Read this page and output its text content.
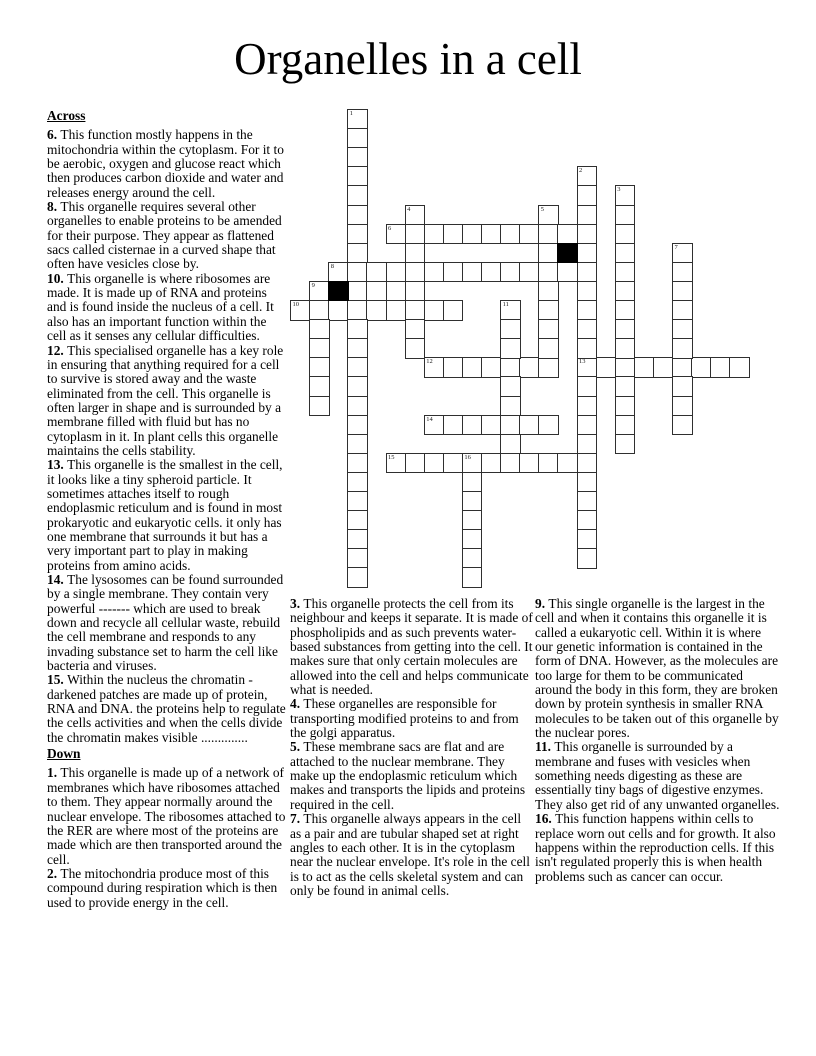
Organelles in a cell
6
8
10
12	13
14
15	16
1
2
3
4	5
7
9
11

Across

6. This function mostly happens in the mitochondria within the cytoplasm. For it to be aerobic, oxygen and glucose react which then produces carbon dioxide and water and releases energy around the cell.

8. This organelle requires several other organelles to enable proteins to be amended for their purpose. They appear as flattened sacs called cisternae in a curved shape that often have vesicles close by.

10. This organelle is where ribosomes are made. It is made up of RNA and proteins and is found inside the nucleus of a cell. It also has an important function within the cell as it senses any cellular difficulties.

12. This specialised organelle has a key role in ensuring that anything required for a cell to survive is stored away and the waste eliminated from the cell. This organelle is often larger in shape and is surrounded by a membrane filled with fluid but has no cytoplasm in it. In plant cells this organelle maintains the cells stability.

13. This organelle is the smallest in the cell, it looks like a tiny spheroid particle. It sometimes attaches itself to rough endoplasmic reticulum and is found in most prokaryotic and eukaryotic cells. it only has one membrane that surrounds it but has a very important part to play in making proteins from amino acids.

14. The lysosomes can be found surrounded by a single membrane. They contain very powerful ------- which are used to break down and recycle all cellular waste, rebuild the cell membrane and responds to any invading substance set to harm the cell like bacteria and viruses.

15. Within the nucleus the chromatin - darkened patches are made up of protein, RNA and DNA. the proteins help to regulate the cells activities and when the cells divide the chromatin makes visible ..............

Down

1. This organelle is made up of a network of membranes which have ribosomes attached to them. They appear normally around the nuclear envelope. The ribosomes attached to the RER are where most of the proteins are made which are then transported around the cell.

2. The mitochondria produce most of this compound during respiration which is then used to provide energy in the cell.

3. This organelle protects the cell from its neighbour and keeps it separate. It is made of phospholipids and as such prevents water-based substances from getting into the cell. It makes sure that only certain molecules are allowed into the cell and helps communicate what is needed.

4. These organelles are responsible for transporting modified proteins to and from the golgi apparatus.

5. These membrane sacs are flat and are attached to the nuclear membrane. They make up the endoplasmic reticulum which makes and transports the lipids and proteins required in the cell.

7. This organelle always appears in the cell as a pair and are tubular shaped set at right angles to each other. It is in the cytoplasm near the nuclear envelope. It's role in the cell is to act as the cells skeletal system and can only be found in animal cells.

9. This single organelle is the largest in the cell and when it contains this organelle it is called a eukaryotic cell. Within it is where our genetic information is contained in the form of DNA. However, as the molecules are too large for them to be communicated around the body in this form, they are broken down by protein synthesis in smaller RNA molecules to be taken out of this organelle by the nuclear pores.

11. This organelle is surrounded by a membrane and fuses with vesicles when something needs digesting as these are essentially tiny bags of digestive enzymes. They also get rid of any unwanted organelles.

16. This function happens within cells to replace worn out cells and for growth. It also happens within the reproduction cells. If this isn't regulated properly this is when health problems such as cancer can occur.
